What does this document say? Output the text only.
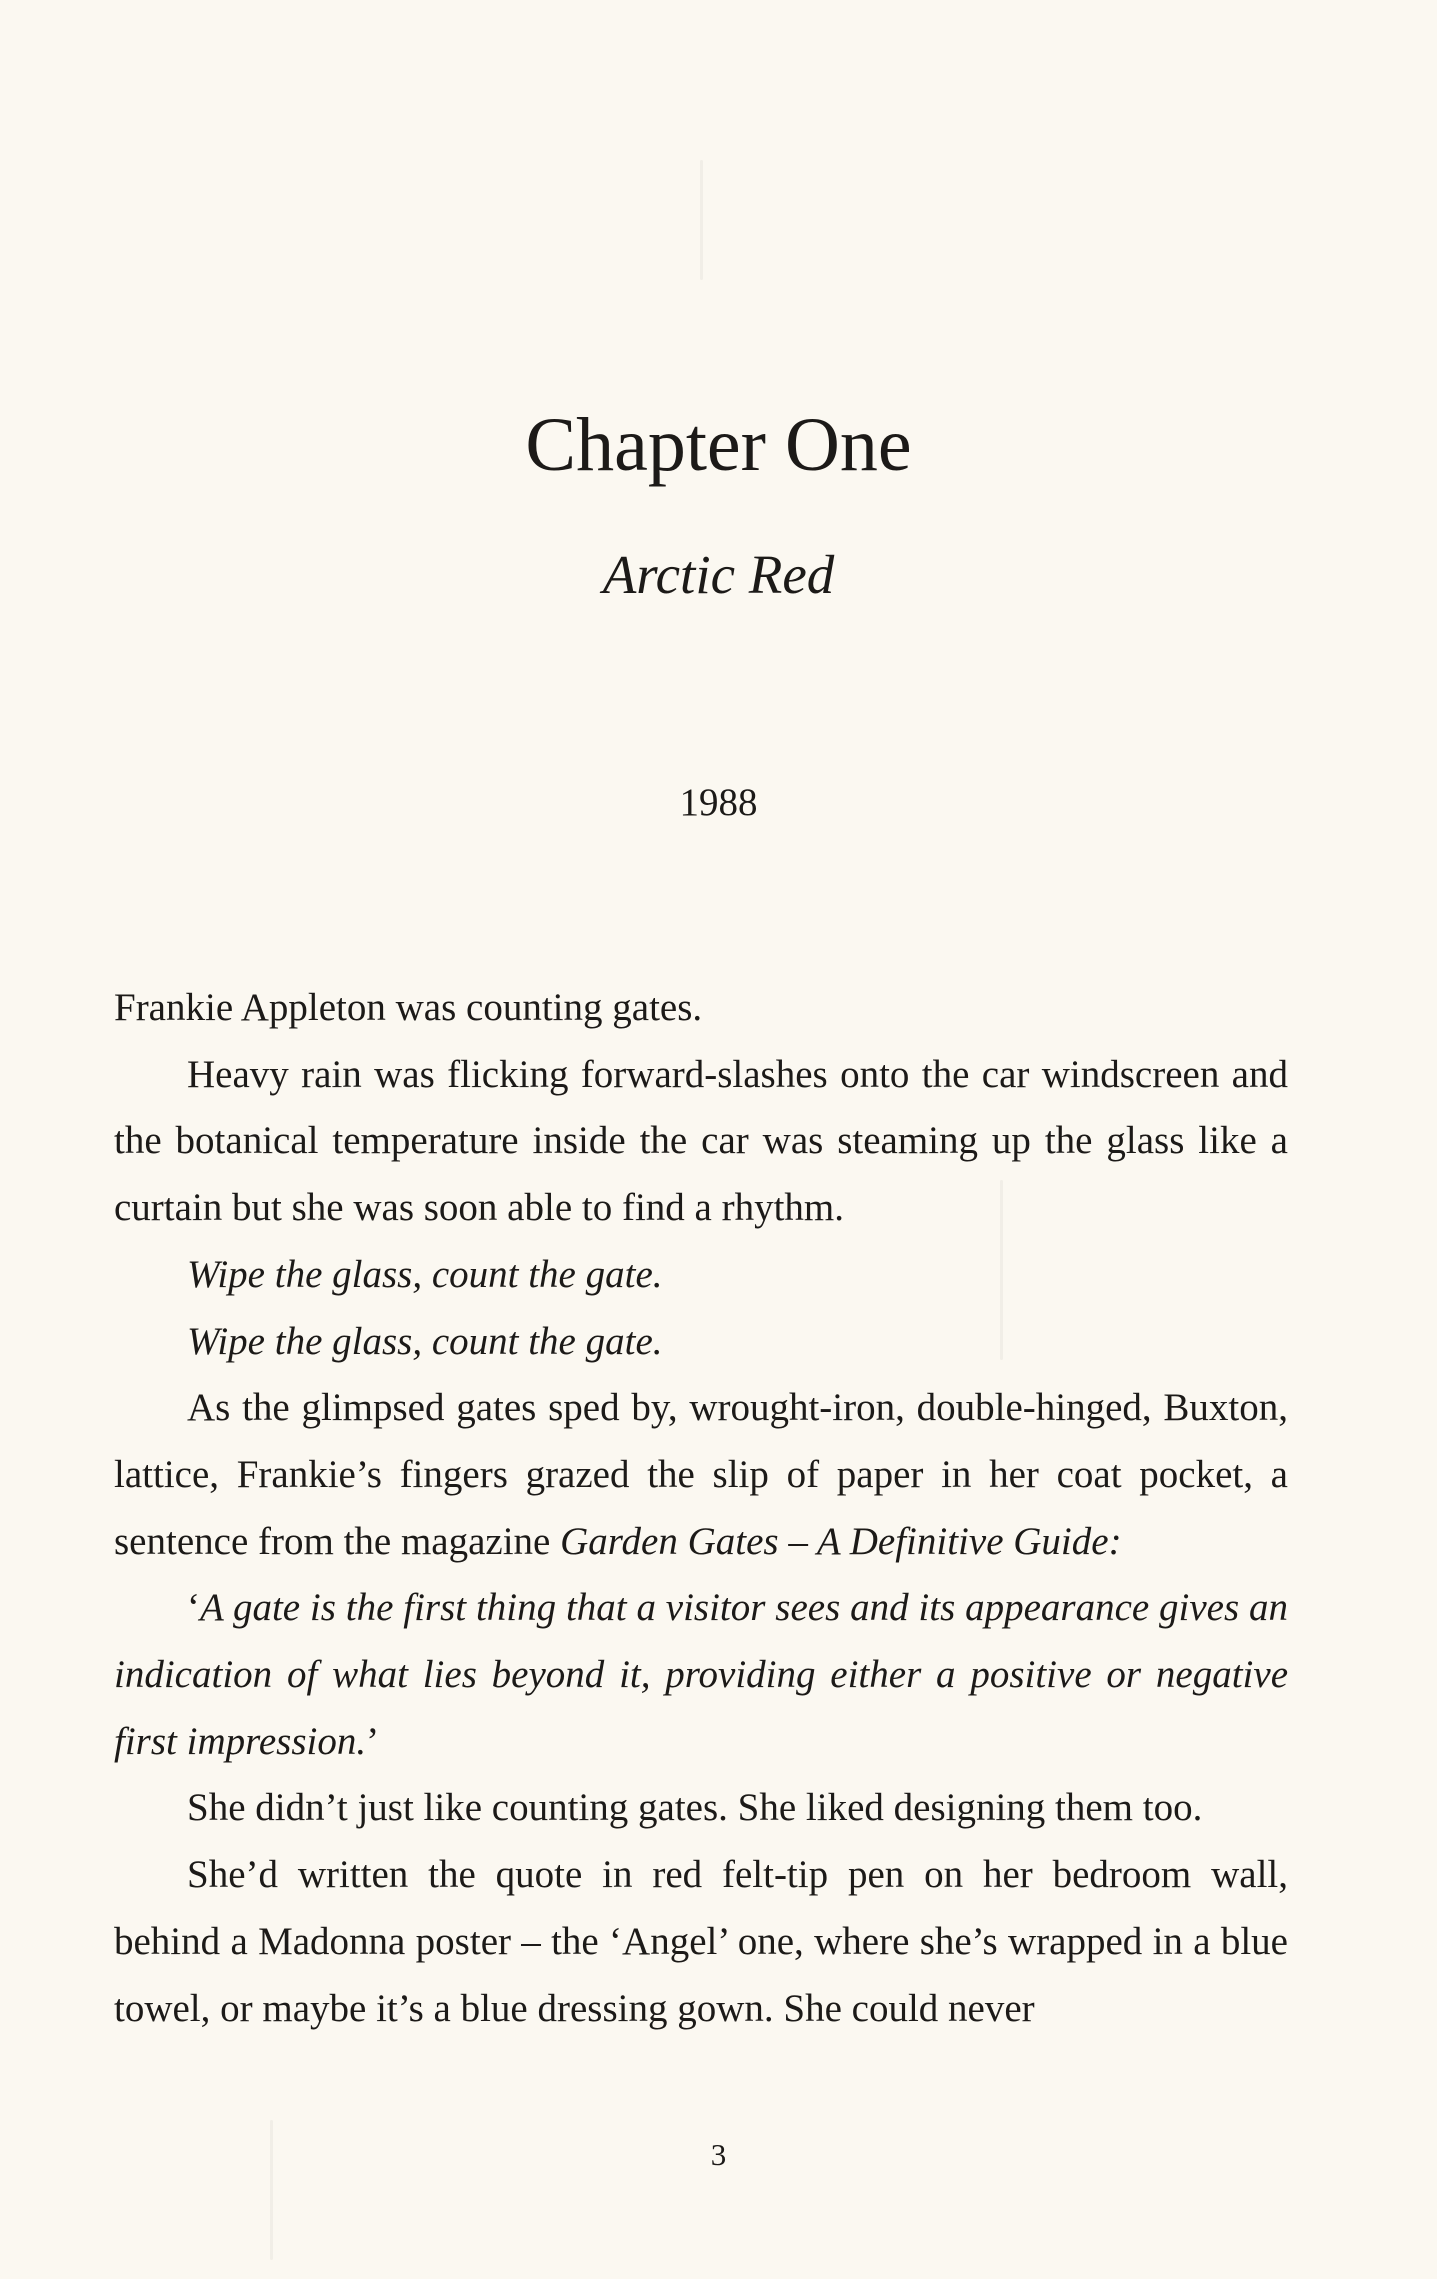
Chapter One
Arctic Red
1988

Frankie Appleton was counting gates.

Heavy rain was flicking forward-slashes onto the car windscreen and the botanical temperature inside the car was steaming up the glass like a curtain but she was soon able to find a rhythm.

Wipe the glass, count the gate.

Wipe the glass, count the gate.

As the glimpsed gates sped by, wrought-iron, double-hinged, Buxton, lattice, Frankie’s fingers grazed the slip of paper in her coat pocket, a sentence from the magazine Garden Gates – A Definitive Guide:

‘A gate is the first thing that a visitor sees and its appearance gives an indication of what lies beyond it, providing either a positive or negative first impression.’

She didn’t just like counting gates. She liked designing them too.

She’d written the quote in red felt-tip pen on her bedroom wall, behind a Madonna poster – the ‘Angel’ one, where she’s wrapped in a blue towel, or maybe it’s a blue dressing gown. She could never

3
